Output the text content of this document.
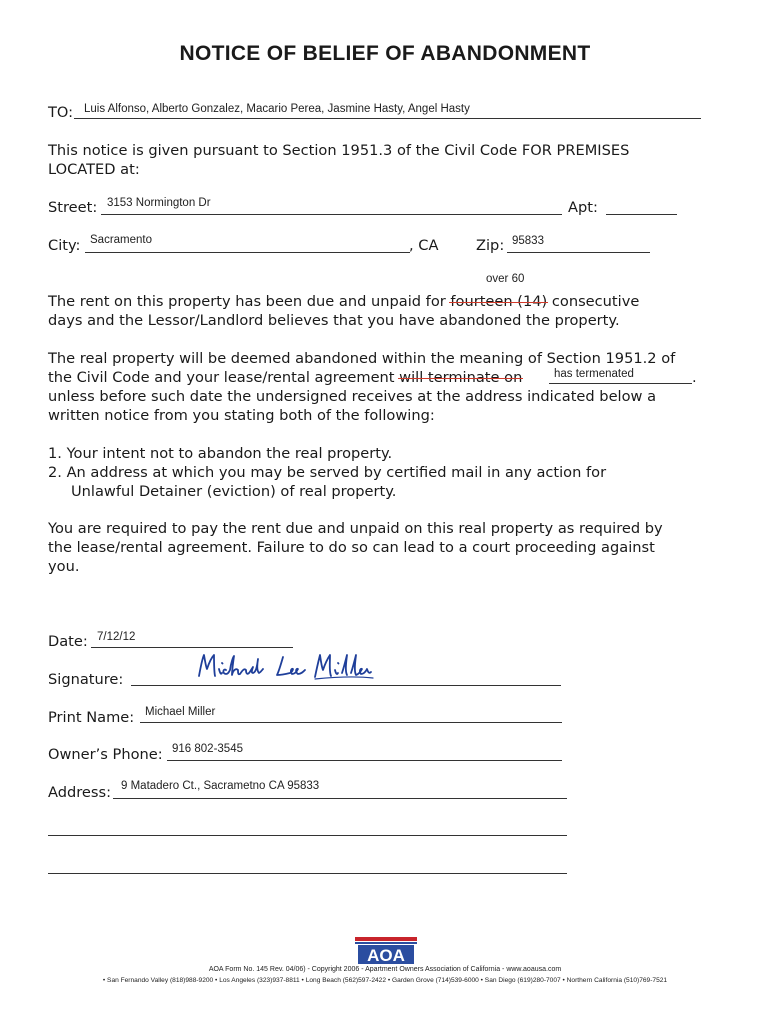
NOTICE OF BELIEF OF ABANDONMENT
TO: Luis Alfonso, Alberto Gonzalez, Macario Perea, Jasmine Hasty, Angel Hasty
This notice is given pursuant to Section 1951.3 of the Civil Code FOR PREMISES
LOCATED at:
Street: 3153 Normington Dr	Apt:
City: Sacramento	, CA	Zip: 95833
over 60
The rent on this property has been due and unpaid for fourteen (14) consecutive
days and the Lessor/Landlord believes that you have abandoned the property.
The real property will be deemed abandoned within the meaning of Section 1951.2 of
the Civil Code and your lease/rental agreement will terminate on	has termenated	.
unless before such date the undersigned receives at the address indicated below a
written notice from you stating both of the following:
1. Your intent not to abandon the real property.
2. An address at which you may be served by certified mail in any action for
Unlawful Detainer (eviction) of real property.
You are required to pay the rent due and unpaid on this real property as required by
the lease/rental agreement. Failure to do so can lead to a court proceeding against
you.
Date: 7/12/12
Signature:
Print Name: Michael Miller
Owner’s Phone: 916 802-3545
Address: 9 Matadero Ct., Sacrametno CA 95833
AOA
AOA Form No. 145 Rev. 04/06) - Copyright 2006 - Apartment Owners Association of California - www.aoausa.com
• San Fernando Valley (818)988-9200 • Los Angeles (323)937-8811 • Long Beach (562)597-2422 • Garden Grove (714)539-6000 • San Diego (619)280-7007 • Northern California (510)769-7521
